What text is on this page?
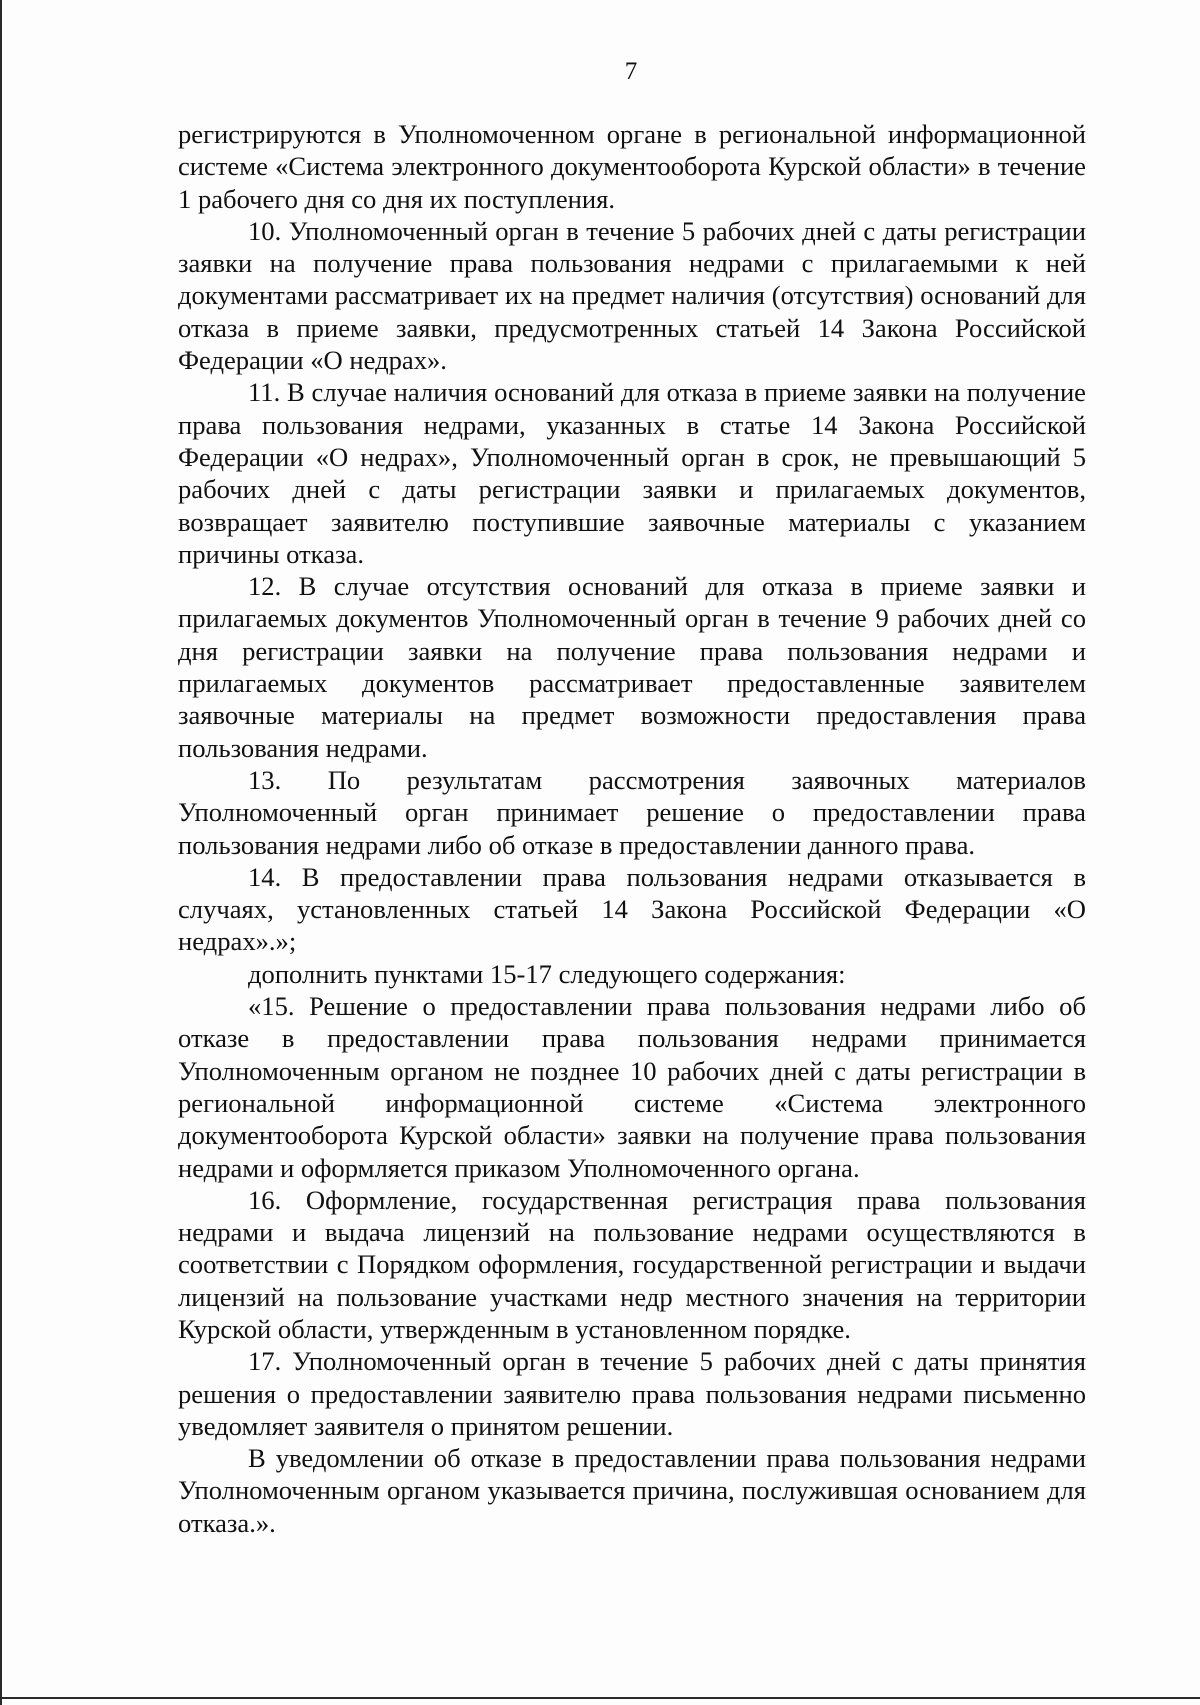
7

регистрируются в Уполномоченном органе в региональной информационной системе «Система электронного документооборота Курской области» в течение 1 рабочего дня со дня их поступления.

10. Уполномоченный орган в течение 5 рабочих дней с даты регистрации заявки на получение права пользования недрами с прилагаемыми к ней документами рассматривает их на предмет наличия (отсутствия) оснований для отказа в приеме заявки, предусмотренных статьей 14 Закона Российской Федерации «О недрах».

11. В случае наличия оснований для отказа в приеме заявки на получение права пользования недрами, указанных в статье 14 Закона Российской Федерации «О недрах», Уполномоченный орган в срок, не превышающий 5 рабочих дней с даты регистрации заявки и прилагаемых документов, возвращает заявителю поступившие заявочные материалы с указанием причины отказа.

12. В случае отсутствия оснований для отказа в приеме заявки и прилагаемых документов Уполномоченный орган в течение 9 рабочих дней со дня регистрации заявки на получение права пользования недрами и прилагаемых документов рассматривает предоставленные заявителем заявочные материалы на предмет возможности предоставления права пользования недрами.

13. По результатам рассмотрения заявочных материалов Уполномоченный орган принимает решение о предоставлении права пользования недрами либо об отказе в предоставлении данного права.

14. В предоставлении права пользования недрами отказывается в случаях, установленных статьей 14 Закона Российской Федерации «О недрах».»;

дополнить пунктами 15-17 следующего содержания:

«15. Решение о предоставлении права пользования недрами либо об отказе в предоставлении права пользования недрами принимается Уполномоченным органом не позднее 10 рабочих дней с даты регистрации в региональной информационной системе «Система электронного документооборота Курской области» заявки на получение права пользования недрами и оформляется приказом Уполномоченного органа.

16. Оформление, государственная регистрация права пользования недрами и выдача лицензий на пользование недрами осуществляются в соответствии с Порядком оформления, государственной регистрации и выдачи лицензий на пользование участками недр местного значения на территории Курской области, утвержденным в установленном порядке.

17. Уполномоченный орган в течение 5 рабочих дней с даты принятия решения о предоставлении заявителю права пользования недрами письменно уведомляет заявителя о принятом решении.

В уведомлении об отказе в предоставлении права пользования недрами Уполномоченным органом указывается причина, послужившая основанием для отказа.».
